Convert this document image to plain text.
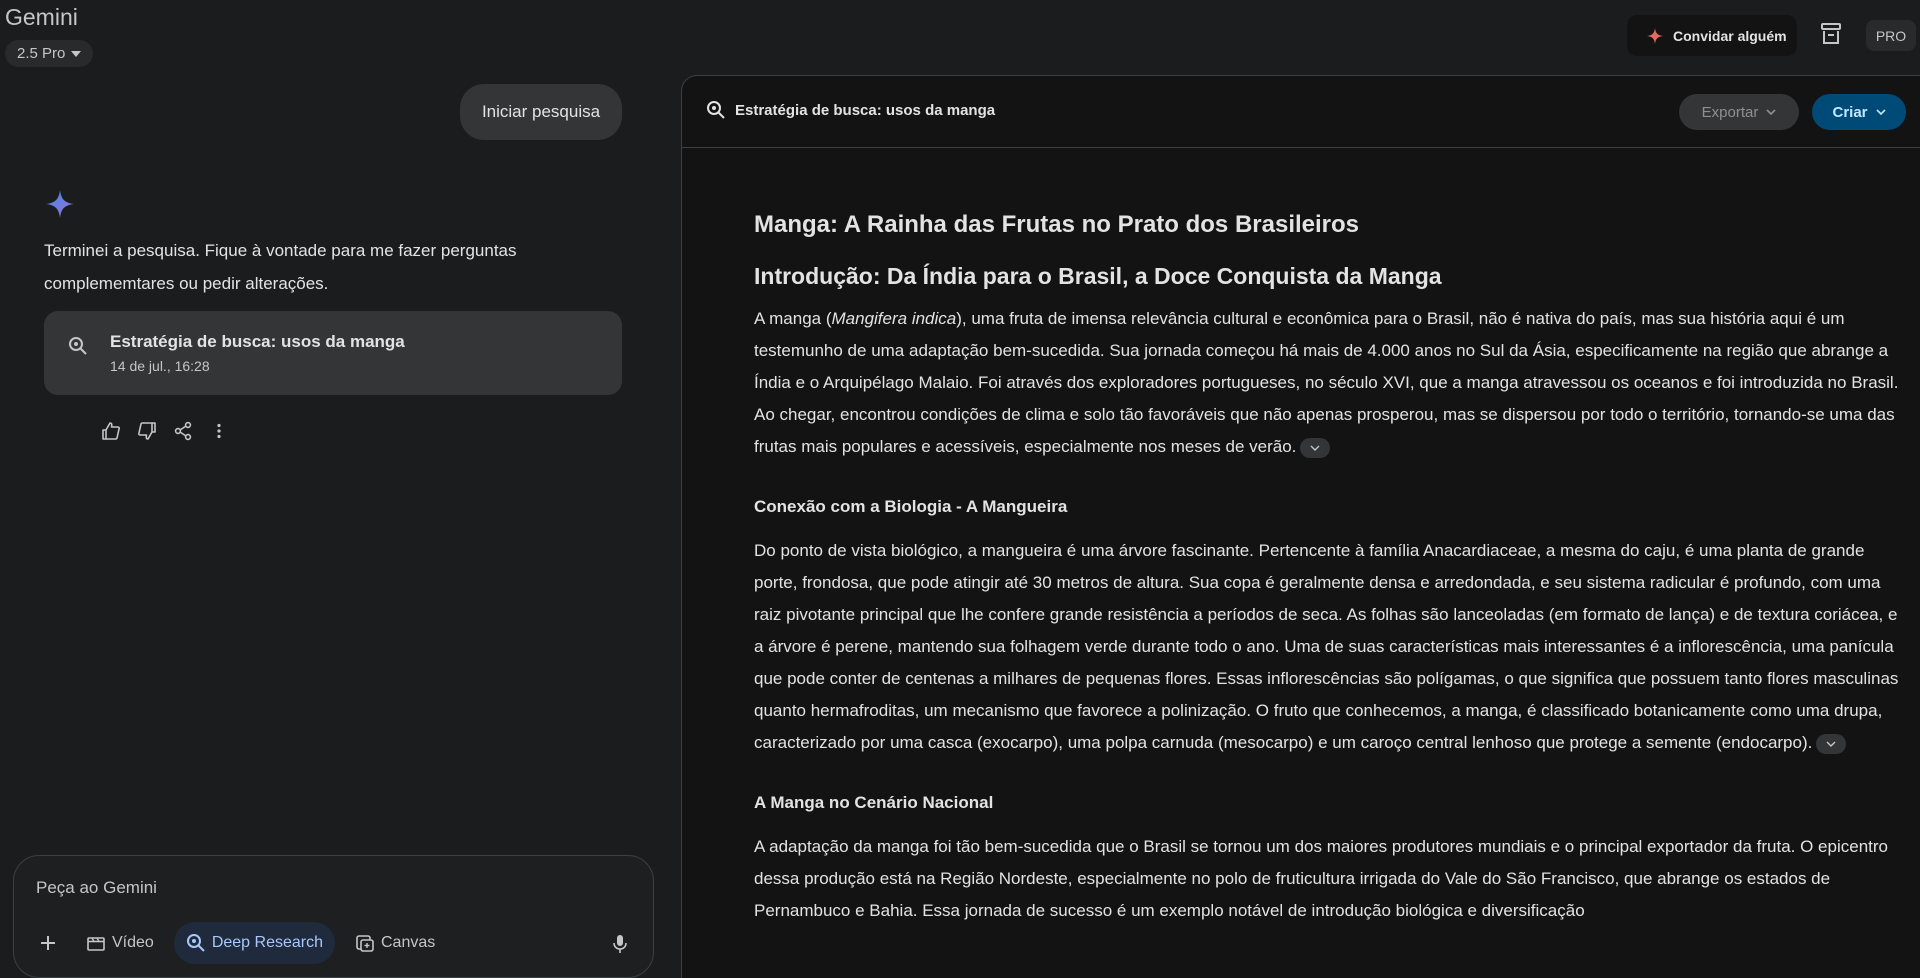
Gemini
2.5 Pro
Convidar alguém	PRO
Iniciar pesquisa
Terminei a pesquisa. Fique à vontade para me fazer perguntas complememtares ou pedir alterações.
Estratégia de busca: usos da manga
14 de jul., 16:28
Peça ao Gemini
Vídeo	Deep Research	Canvas
Estratégia de busca: usos da manga	Exportar	Criar
Manga: A Rainha das Frutas no Prato dos Brasileiros
Introdução: Da Índia para o Brasil, a Doce Conquista da Manga

A manga (Mangifera indica), uma fruta de imensa relevância cultural e econômica para o Brasil, não é nativa do país, mas sua história aqui é um testemunho de uma adaptação bem-sucedida. Sua jornada começou há mais de 4.000 anos no Sul da Ásia, especificamente na região que abrange a Índia e o Arquipélago Malaio. Foi através dos exploradores portugueses, no século XVI, que a manga atravessou os oceanos e foi introduzida no Brasil. Ao chegar, encontrou condições de clima e solo tão favoráveis que não apenas prosperou, mas se dispersou por todo o território, tornando-se uma das frutas mais populares e acessíveis, especialmente nos meses de verão.

Conexão com a Biologia - A Mangueira

Do ponto de vista biológico, a mangueira é uma árvore fascinante. Pertencente à família Anacardiaceae, a mesma do caju, é uma planta de grande porte, frondosa, que pode atingir até 30 metros de altura. Sua copa é geralmente densa e arredondada, e seu sistema radicular é profundo, com uma raiz pivotante principal que lhe confere grande resistência a períodos de seca. As folhas são lanceoladas (em formato de lança) e de textura coriácea, e a árvore é perene, mantendo sua folhagem verde durante todo o ano. Uma de suas características mais interessantes é a inflorescência, uma panícula que pode conter de centenas a milhares de pequenas flores. Essas inflorescências são polígamas, o que significa que possuem tanto flores masculinas quanto hermafroditas, um mecanismo que favorece a polinização. O fruto que conhecemos, a manga, é classificado botanicamente como uma drupa, caracterizado por uma casca (exocarpo), uma polpa carnuda (mesocarpo) e um caroço central lenhoso que protege a semente (endocarpo).

A Manga no Cenário Nacional

A adaptação da manga foi tão bem-sucedida que o Brasil se tornou um dos maiores produtores mundiais e o principal exportador da fruta. O epicentro dessa produção está na Região Nordeste, especialmente no polo de fruticultura irrigada do Vale do São Francisco, que abrange os estados de Pernambuco e Bahia. Essa jornada de sucesso é um exemplo notável de introdução biológica e diversificação
